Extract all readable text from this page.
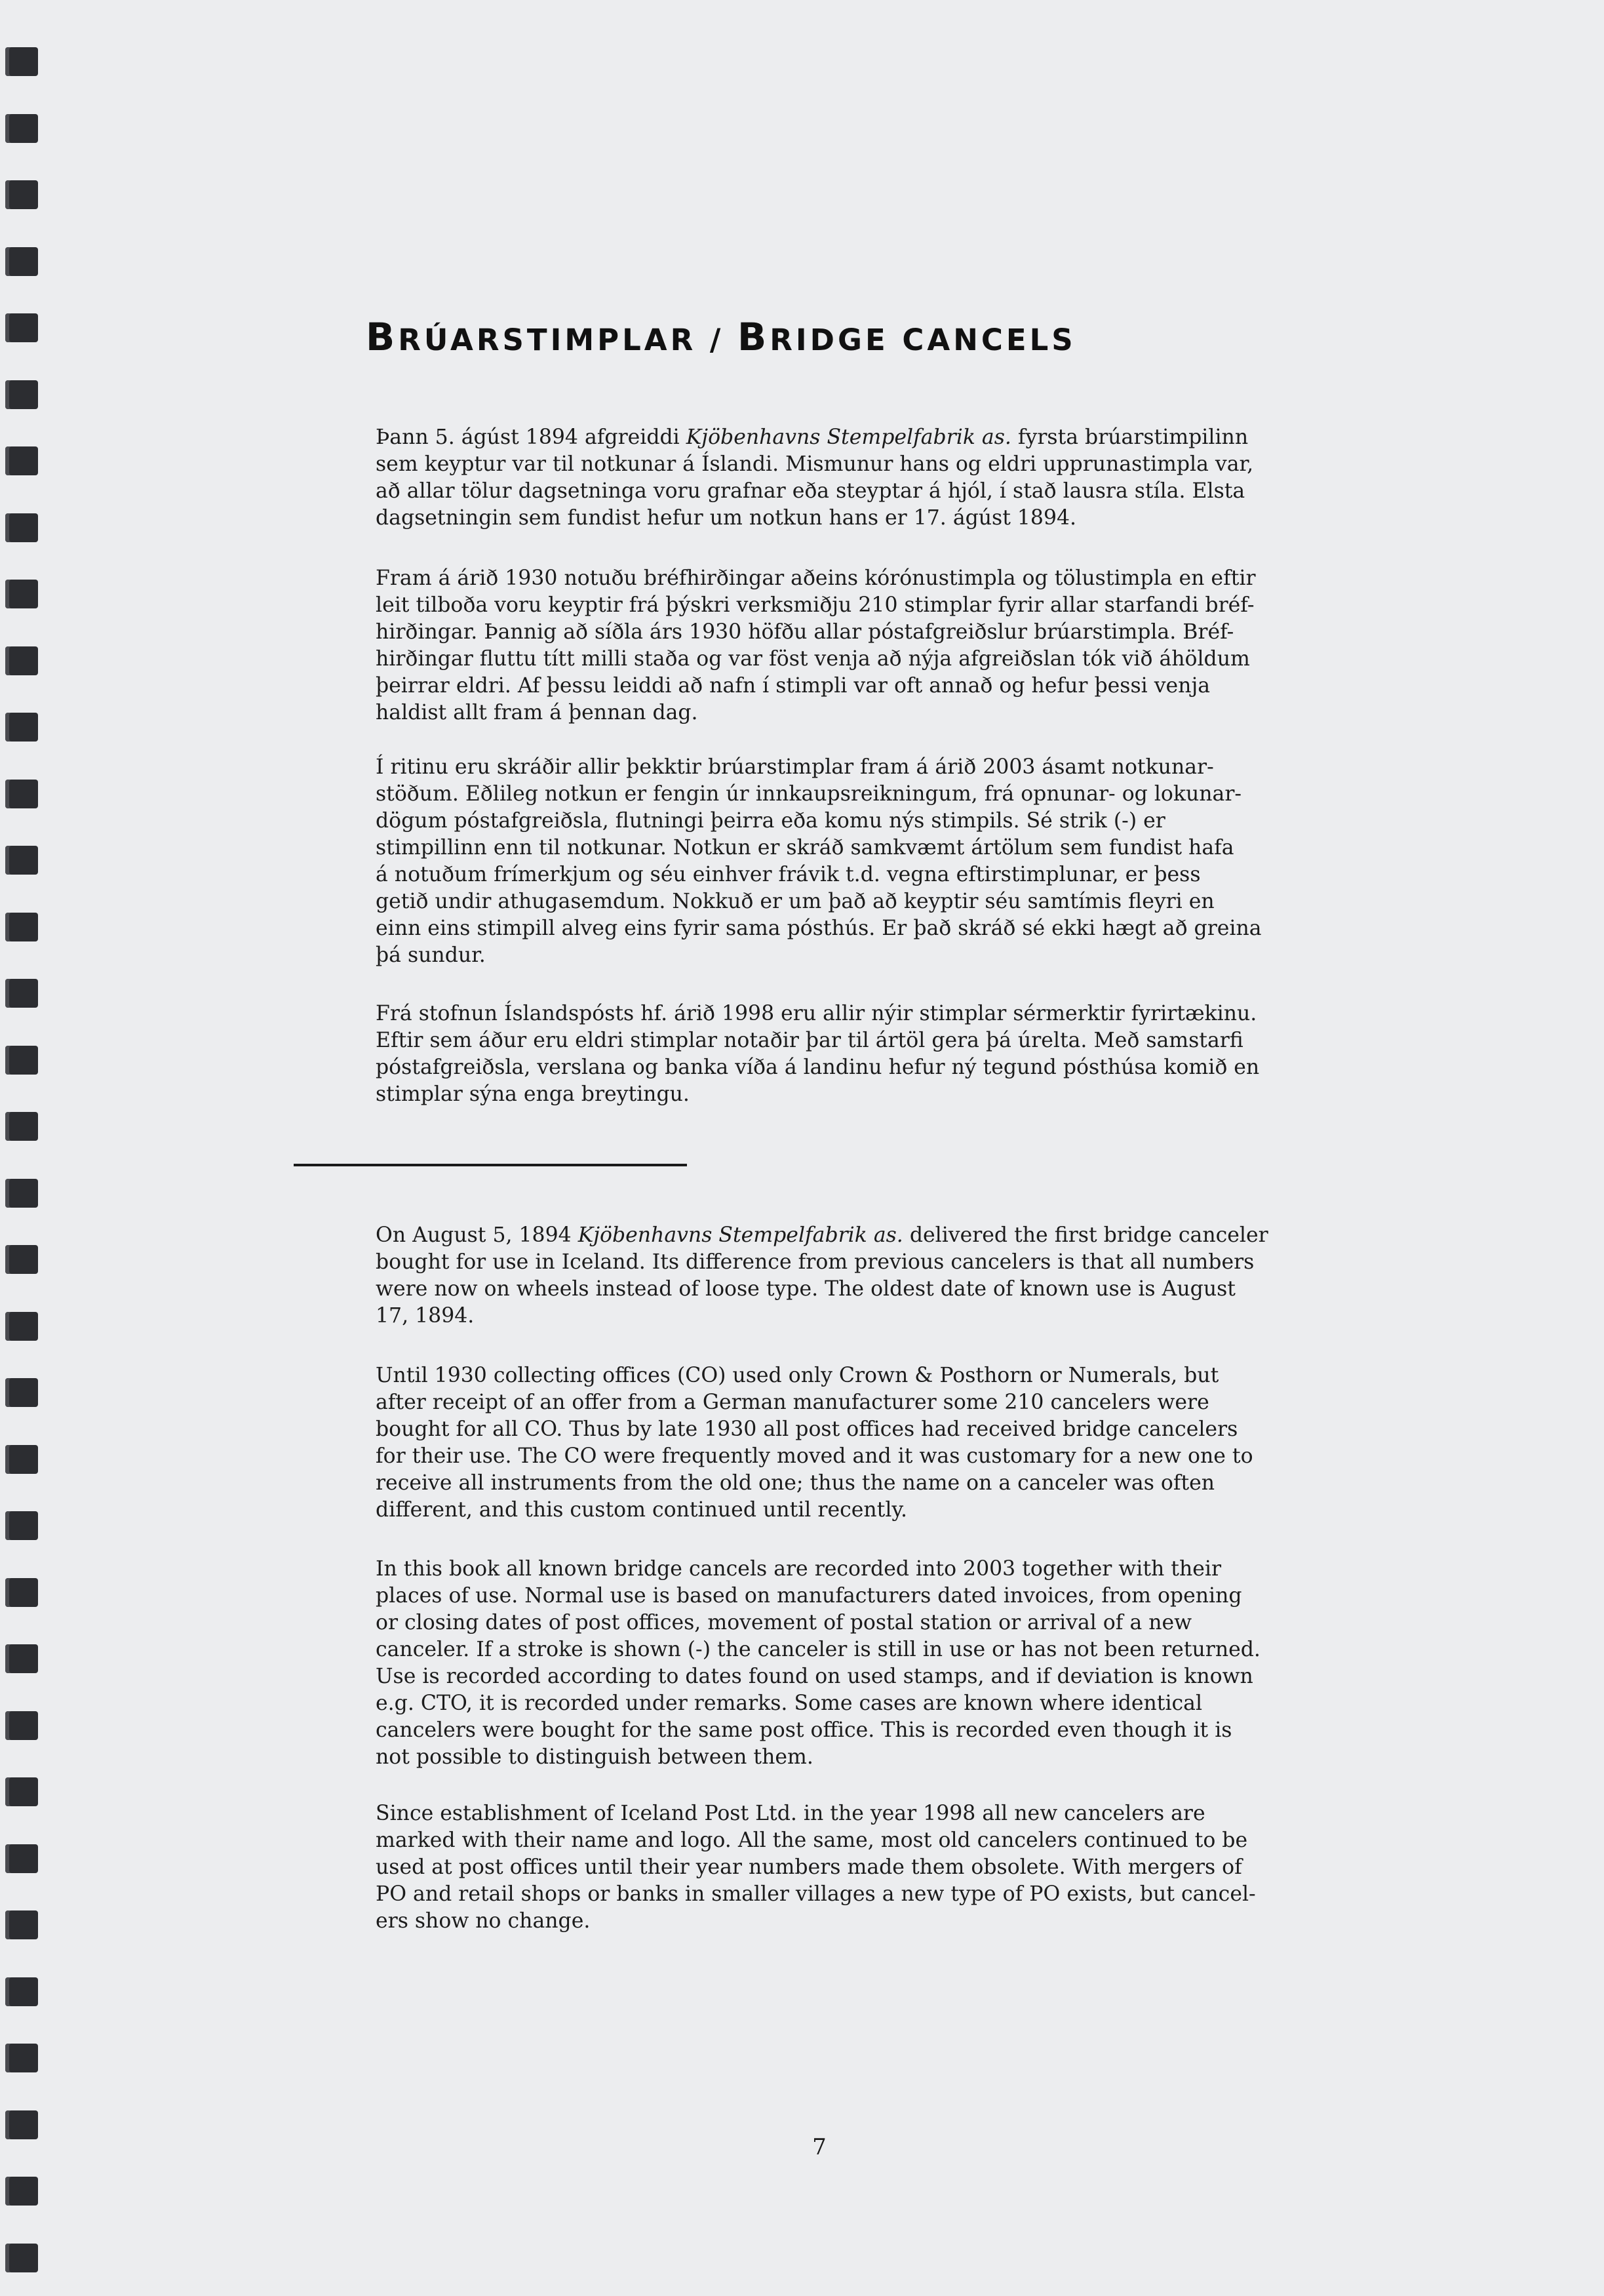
BRÚARSTIMPLAR / BRIDGE CANCELS

Þann 5. ágúst 1894 afgreiddi Kjöbenhavns Stempelfabrik as. fyrsta brúarstimpilinn
sem keyptur var til notkunar á Íslandi. Mismunur hans og eldri upprunastimpla var,
að allar tölur dagsetninga voru grafnar eða steyptar á hjól, í stað lausra stíla. Elsta
dagsetningin sem fundist hefur um notkun hans er 17. ágúst 1894.

Fram á árið 1930 notuðu bréfhirðingar aðeins kórónustimpla og tölustimpla en eftir
leit tilboða voru keyptir frá þýskri verksmiðju 210 stimplar fyrir allar starfandi bréf-
hirðingar. Þannig að síðla árs 1930 höfðu allar póstafgreiðslur brúarstimpla. Bréf-
hirðingar fluttu títt milli staða og var föst venja að nýja afgreiðslan tók við áhöldum
þeirrar eldri. Af þessu leiddi að nafn í stimpli var oft annað og hefur þessi venja
haldist allt fram á þennan dag.

Í ritinu eru skráðir allir þekktir brúarstimplar fram á árið 2003 ásamt notkunar-
stöðum. Eðlileg notkun er fengin úr innkaupsreikningum, frá opnunar- og lokunar-
dögum póstafgreiðsla, flutningi þeirra eða komu nýs stimpils. Sé strik (-) er
stimpillinn enn til notkunar. Notkun er skráð samkvæmt ártölum sem fundist hafa
á notuðum frímerkjum og séu einhver frávik t.d. vegna eftirstimplunar, er þess
getið undir athugasemdum. Nokkuð er um það að keyptir séu samtímis fleyri en
einn eins stimpill alveg eins fyrir sama pósthús. Er það skráð sé ekki hægt að greina
þá sundur.

Frá stofnun Íslandspósts hf. árið 1998 eru allir nýir stimplar sérmerktir fyrirtækinu.
Eftir sem áður eru eldri stimplar notaðir þar til ártöl gera þá úrelta. Með samstarfi
póstafgreiðsla, verslana og banka víða á landinu hefur ný tegund pósthúsa komið en
stimplar sýna enga breytingu.

On August 5, 1894 Kjöbenhavns Stempelfabrik as. delivered the first bridge canceler
bought for use in Iceland. Its difference from previous cancelers is that all numbers
were now on wheels instead of loose type. The oldest date of known use is August
17, 1894.

Until 1930 collecting offices (CO) used only Crown & Posthorn or Numerals, but
after receipt of an offer from a German manufacturer some 210 cancelers were
bought for all CO. Thus by late 1930 all post offices had received bridge cancelers
for their use. The CO were frequently moved and it was customary for a new one to
receive all instruments from the old one; thus the name on a canceler was often
different, and this custom continued until recently.

In this book all known bridge cancels are recorded into 2003 together with their
places of use. Normal use is based on manufacturers dated invoices, from opening
or closing dates of post offices, movement of postal station or arrival of a new
canceler. If a stroke is shown (-) the canceler is still in use or has not been returned.
Use is recorded according to dates found on used stamps, and if deviation is known
e.g. CTO, it is recorded under remarks. Some cases are known where identical
cancelers were bought for the same post office. This is recorded even though it is
not possible to distinguish between them.

Since establishment of Iceland Post Ltd. in the year 1998 all new cancelers are
marked with their name and logo. All the same, most old cancelers continued to be
used at post offices until their year numbers made them obsolete. With mergers of
PO and retail shops or banks in smaller villages a new type of PO exists, but cancel-
ers show no change.

7
